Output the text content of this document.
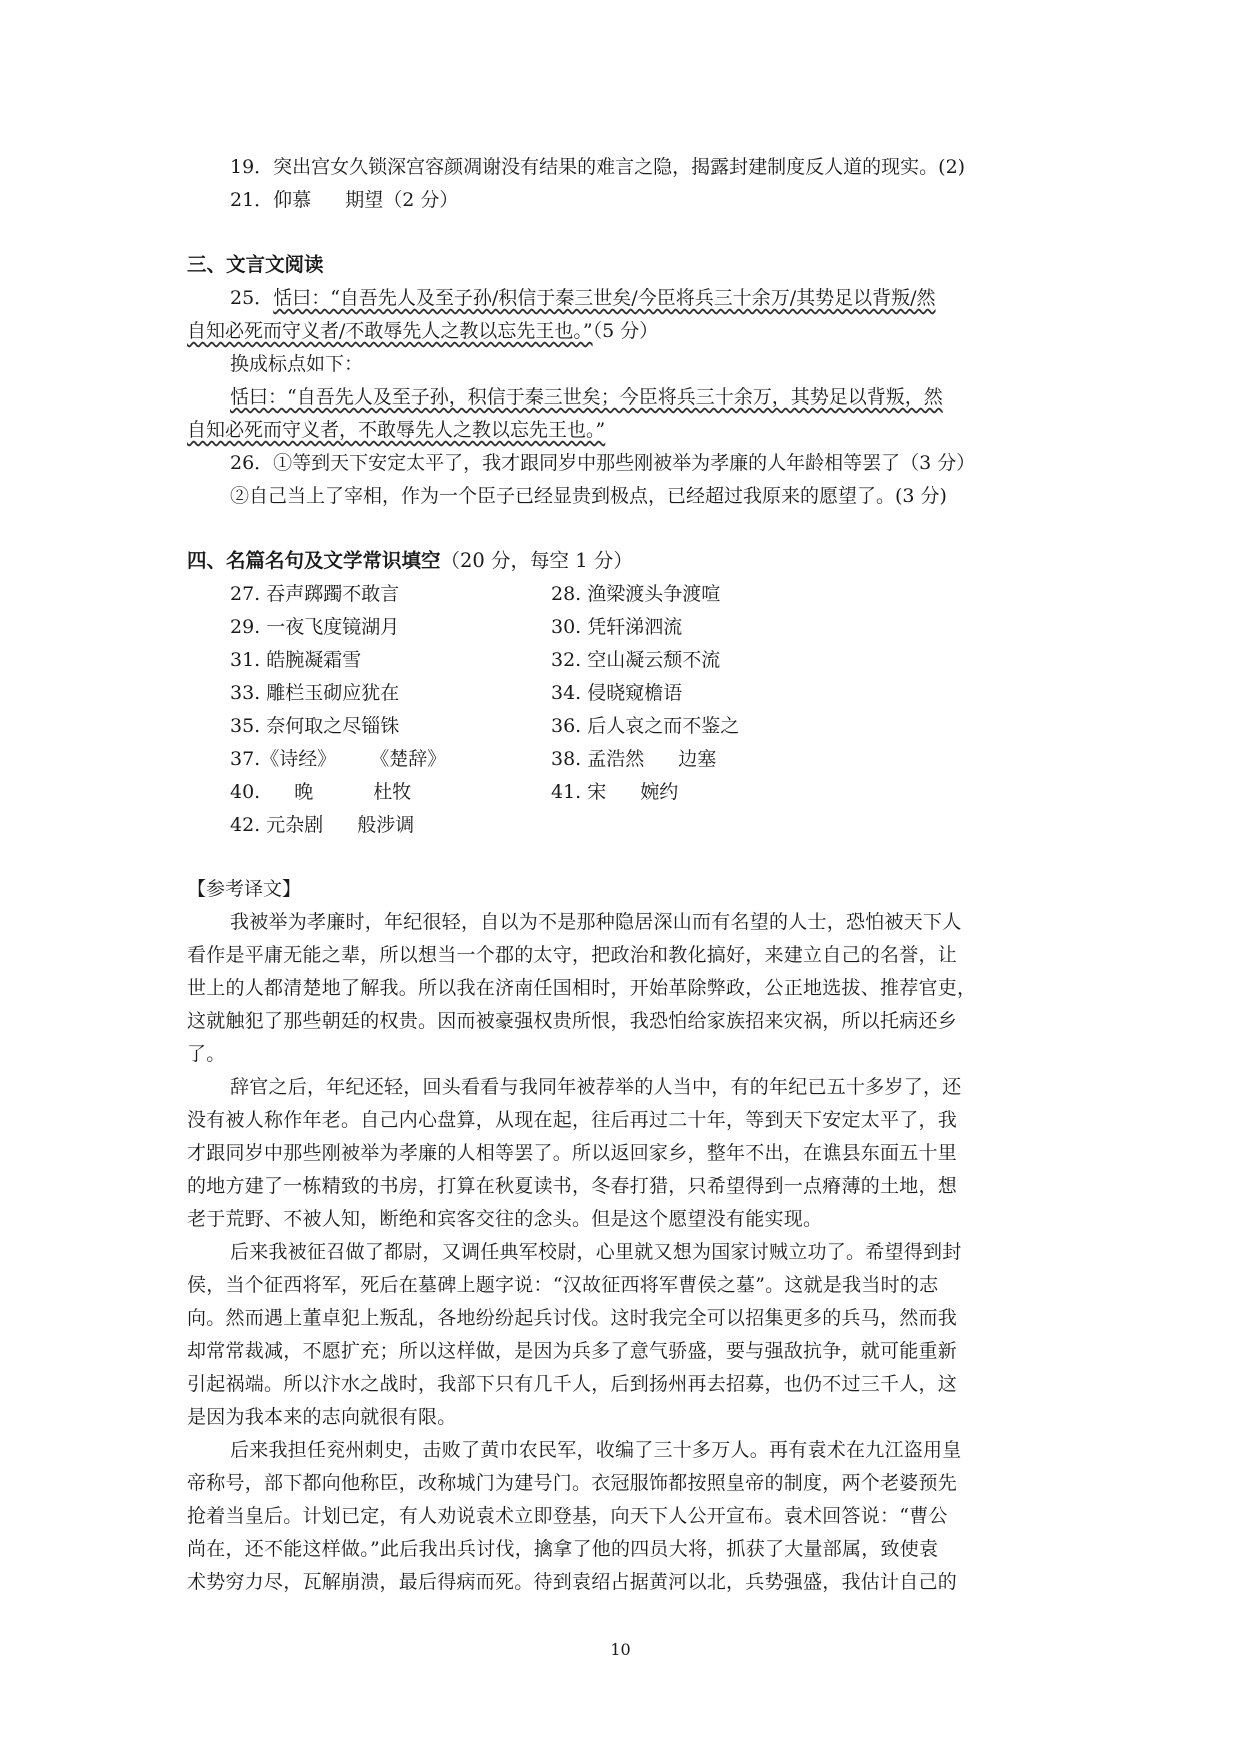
19．突出宫女久锁深宫容颜凋谢没有结果的难言之隐，揭露封建制度反人道的现实。(2)
21．仰慕 期望（2 分）
三、文言文阅读
25．恬曰：“自吾先人及至子孙/积信于秦三世矣/今臣将兵三十余万/其势足以背叛/然
自知必死而守义者/不敢辱先人之教以忘先王也。”（5 分）
换成标点如下：
恬曰：“自吾先人及至子孙，积信于秦三世矣；今臣将兵三十余万，其势足以背叛，然
自知必死而守义者，不敢辱先人之教以忘先王也。”
26．①等到天下安定太平了，我才跟同岁中那些刚被举为孝廉的人年龄相等罢了（3 分）
②自己当上了宰相，作为一个臣子已经显贵到极点，已经超过我原来的愿望了。(3 分)
四、名篇名句及文学常识填空（20 分，每空 1 分）
27. 吞声踯躅不敢言	28. 渔梁渡头争渡喧
29. 一夜飞度镜湖月	30. 凭轩涕泗流
31. 皓腕凝霜雪	32. 空山凝云颓不流
33. 雕栏玉砌应犹在	34. 侵晓窥檐语
35. 奈何取之尽锱铢	36. 后人哀之而不鉴之
37.《诗经》 《楚辞》	38. 孟浩然 边塞
40. 晚	杜牧	41. 宋 婉约
42. 元杂剧 般涉调
【参考译文】
我被举为孝廉时，年纪很轻，自以为不是那种隐居深山而有名望的人士，恐怕被天下人
看作是平庸无能之辈，所以想当一个郡的太守，把政治和教化搞好，来建立自己的名誉，让
世上的人都清楚地了解我。所以我在济南任国相时，开始革除弊政，公正地选拔、推荐官吏，
这就触犯了那些朝廷的权贵。因而被豪强权贵所恨，我恐怕给家族招来灾祸，所以托病还乡
了。
辞官之后，年纪还轻，回头看看与我同年被荐举的人当中，有的年纪已五十多岁了，还
没有被人称作年老。自己内心盘算，从现在起，往后再过二十年，等到天下安定太平了，我
才跟同岁中那些刚被举为孝廉的人相等罢了。所以返回家乡，整年不出，在谯县东面五十里
的地方建了一栋精致的书房，打算在秋夏读书，冬春打猎，只希望得到一点瘠薄的土地，想
老于荒野、不被人知，断绝和宾客交往的念头。但是这个愿望没有能实现。
后来我被征召做了都尉，又调任典军校尉，心里就又想为国家讨贼立功了。希望得到封
侯，当个征西将军，死后在墓碑上题字说：“汉故征西将军曹侯之墓”。这就是我当时的志
向。然而遇上董卓犯上叛乱，各地纷纷起兵讨伐。这时我完全可以招集更多的兵马，然而我
却常常裁减，不愿扩充；所以这样做，是因为兵多了意气骄盛，要与强敌抗争，就可能重新
引起祸端。所以汴水之战时，我部下只有几千人，后到扬州再去招募，也仍不过三千人，这
是因为我本来的志向就很有限。
后来我担任兖州刺史，击败了黄巾农民军，收编了三十多万人。再有袁术在九江盗用皇
帝称号，部下都向他称臣，改称城门为建号门。衣冠服饰都按照皇帝的制度，两个老婆预先
抢着当皇后。计划已定，有人劝说袁术立即登基，向天下人公开宣布。袁术回答说：“曹公
尚在，还不能这样做。”此后我出兵讨伐，擒拿了他的四员大将，抓获了大量部属，致使袁
术势穷力尽，瓦解崩溃，最后得病而死。待到袁绍占据黄河以北，兵势强盛，我估计自己的
10
